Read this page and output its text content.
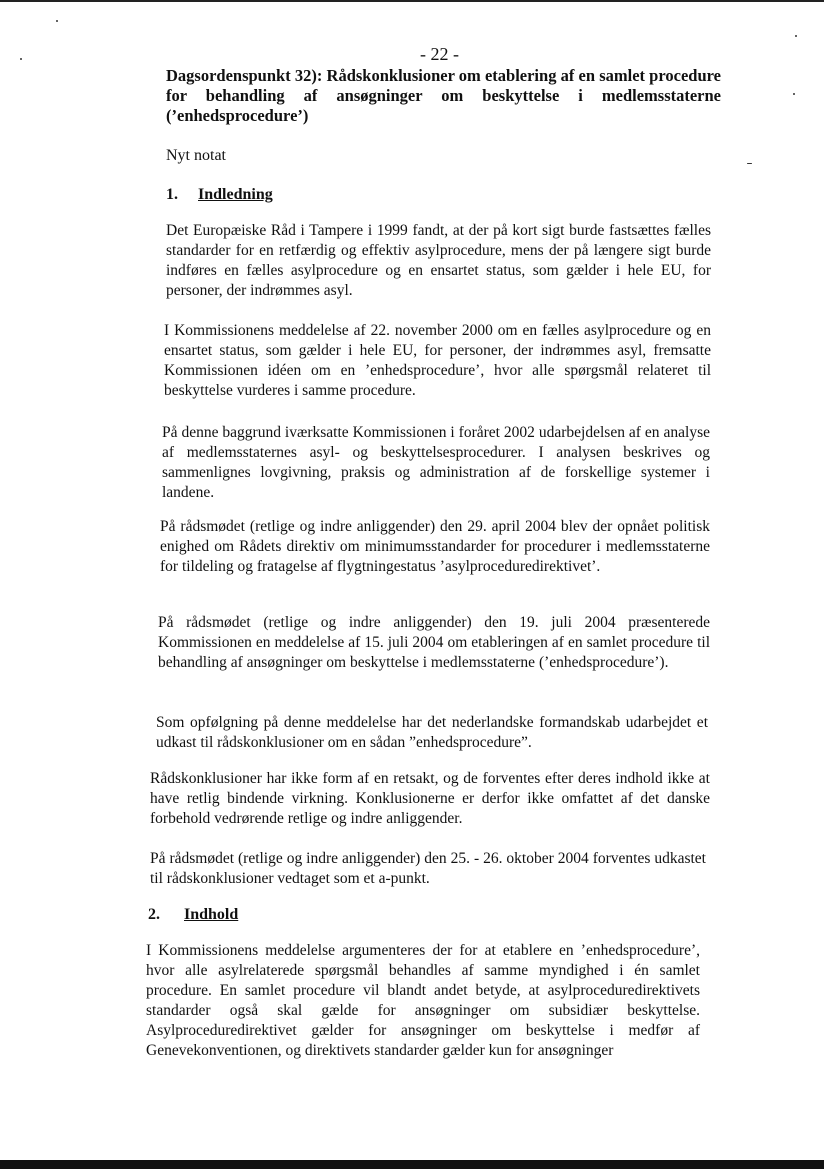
- 22 -
Dagsordenspunkt 32): Rådskonklusioner om etablering af en samlet procedure for behandling af ansøgninger om beskyttelse i medlemsstaterne (’enhedsprocedure’)
Nyt notat
1. Indledning
Det Europæiske Råd i Tampere i 1999 fandt, at der på kort sigt burde fastsættes fælles standarder for en retfærdig og effektiv asylprocedure, mens der på længere sigt burde indføres en fælles asylprocedure og en ensartet status, som gælder i hele EU, for personer, der indrømmes asyl.
I Kommissionens meddelelse af 22. november 2000 om en fælles asylprocedure og en ensartet status, som gælder i hele EU, for personer, der indrømmes asyl, fremsatte Kommissionen idéen om en ’enhedsprocedure’, hvor alle spørgsmål relateret til beskyttelse vurderes i samme procedure.
På denne baggrund iværksatte Kommissionen i foråret 2002 udarbejdelsen af en analyse af medlemsstaternes asyl- og beskyttelsesprocedurer. I analysen beskrives og sammenlignes lovgivning, praksis og administration af de forskellige systemer i landene.
På rådsmødet (retlige og indre anliggender) den 29. april 2004 blev der opnået politisk enighed om Rådets direktiv om minimumsstandarder for procedurer i medlemsstaterne for tildeling og fratagelse af flygtningestatus ’asylproceduredirektivet’.
På rådsmødet (retlige og indre anliggender) den 19. juli 2004 præsenterede Kommissionen en meddelelse af 15. juli 2004 om etableringen af en samlet procedure til behandling af ansøgninger om beskyttelse i medlemsstaterne (’enhedsprocedure’).
Som opfølgning på denne meddelelse har det nederlandske formandskab udarbejdet et udkast til rådskonklusioner om en sådan ”enhedsprocedure”.
Rådskonklusioner har ikke form af en retsakt, og de forventes efter deres indhold ikke at have retlig bindende virkning. Konklusionerne er derfor ikke omfattet af det danske forbehold vedrørende retlige og indre anliggender.
På rådsmødet (retlige og indre anliggender) den 25. - 26. oktober 2004 forventes udkastet til rådskonklusioner vedtaget som et a-punkt.
2. Indhold
I Kommissionens meddelelse argumenteres der for at etablere en ’enhedsprocedure’, hvor alle asylrelaterede spørgsmål behandles af samme myndighed i én samlet procedure. En samlet procedure vil blandt andet betyde, at asylproceduredirektivets standarder også skal gælde for ansøgninger om subsidiær beskyttelse. Asylproceduredirektivet gælder for ansøgninger om beskyttelse i medfør af Genevekonventionen, og direktivets standarder gælder kun for ansøgninger
